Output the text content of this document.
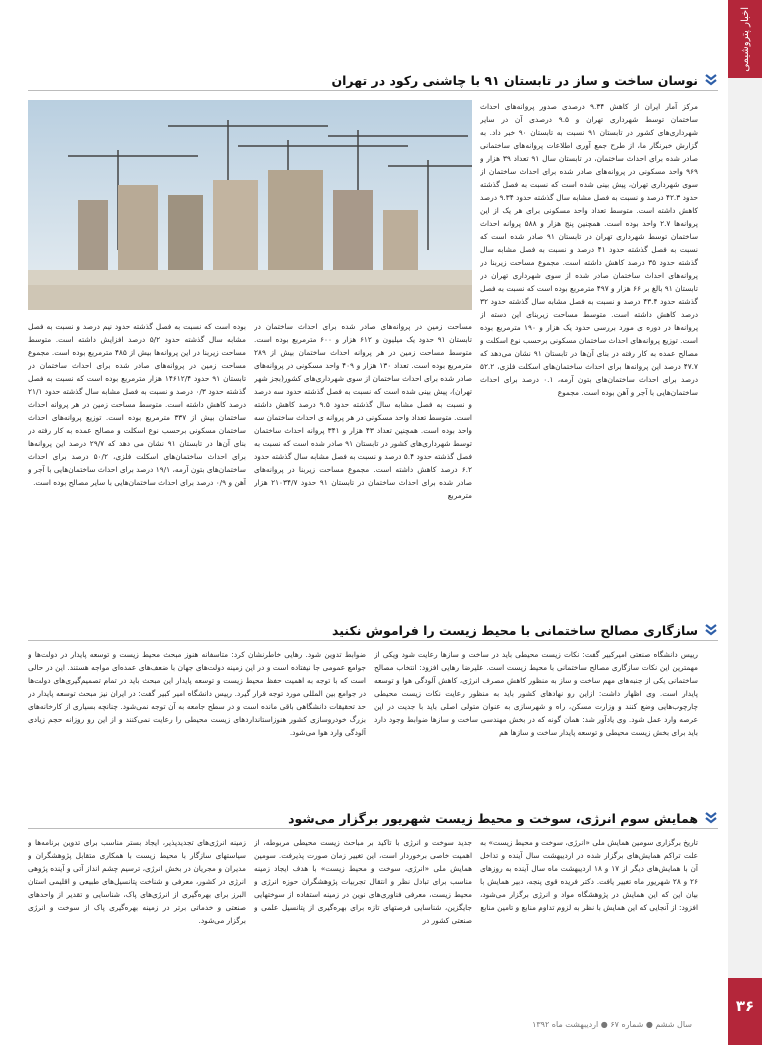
اخبار پتروشیمی
۳۶
سال ششم ● شماره ۶۷ ● اردیبهشت ماه ۱۳۹۲
نوسان ساخت و ساز در تابستان ۹۱ با چاشنی رکود در تهران
مرکز آمار ایران از کاهش ۹.۳۴ درصدی صدور پروانه‌های احداث ساختمان توسط شهرداری تهران و ۹.۵ درصدی آن در سایر شهرداری‌های کشور در تابستان ۹۱ نسبت به تابستان ۹۰ خبر داد. به گزارش خبرنگار ما، از طرح جمع آوری اطلاعات پروانه‌های ساختمانی صادر شده برای احداث ساختمان، در تابستان سال ۹۱ تعداد ۳۹ هزار و ۹۶۹ واحد مسکونی در پروانه‌های صادر شده برای احداث ساختمان از سوی شهرداری تهران، پیش بینی شده است که نسبت به فصل گذشته حدود ۴۲.۳ درصد و نسبت به فصل مشابه سال گذشته حدود ۹.۳۴ درصد کاهش داشته است. متوسط تعداد واحد مسکونی برای هر یک از این پروانه‌ها ۲.۷ واحد بوده است. همچنین پنج هزار و ۵۸۸ پروانه احداث ساختمان توسط شهرداری تهران در تابستان ۹۱ صادر شده است که نسبت به فصل گذشته حدود ۴۱ درصد و نسبت به فصل مشابه سال گذشته حدود ۳۵ درصد کاهش داشته است. مجموع مساحت زیربنا در پروانه‌های احداث ساختمان صادر شده از سوی شهرداری تهران در تابستان ۹۱ بالغ بر ۶۶ هزار و ۴۹۷ مترمربع بوده است که نسبت به فصل گذشته حدود ۴۳.۴ درصد و نسبت به فصل مشابه سال گذشته حدود ۳۲ درصد کاهش داشته است. متوسط مساحت زیربنای این دسته از پروانه‌ها در دوره ی مورد بررسی حدود یک هزار و ۱۹۰ مترمربع بوده است. توزیع پروانه‌های احداث ساختمان مسکونی برحسب نوع اسکلت و مصالح عمده به کار رفته در بنای آن‌ها در تابستان ۹۱ نشان می‌دهد که ۴۷.۷ درصد این پروانه‌ها برای احداث ساختمان‌های اسکلت فلزی، ۵۲.۲ درصد برای احداث ساختمان‌های بتون آرمه، ۰.۱ درصد برای احداث ساختمان‌هایی با آجر و آهن بوده است. مجموع
مساحت زمین در پروانه‌های صادر شده برای احداث ساختمان در تابستان ۹۱ حدود یک میلیون و ۶۱۲ هزار و ۶۰۰ مترمربع بوده است. متوسط مساحت زمین در هر پروانه احداث ساختمان بیش از ۲۸۹ مترمربع بوده است. تعداد ۱۳۰ هزار و ۴۰۹ واحد مسکونی در پروانه‌های صادر شده برای احداث ساختمان از سوی شهرداری‌های کشور(بجز شهر تهران)، پیش بینی شده است که نسبت به فصل گذشته حدود سه درصد و نسبت به فصل مشابه سال گذشته حدود ۹.۵ درصد کاهش داشته است. متوسط تعداد واحد مسکونی در هر پروانه ی احداث ساختمان سه واحد بوده است. همچنین تعداد ۴۳ هزار و ۳۴۱ پروانه احداث ساختمان توسط شهرداری‌های کشور در تابستان ۹۱ صادر شده است که نسبت به فصل گذشته حدود ۵.۴ درصد و نسبت به فصل مشابه سال گذشته حدود ۶.۲ درصد کاهش داشته است. مجموع مساحت زیربنا در پروانه‌های صادر شده برای احداث ساختمان در تابستان ۹۱ حدود ۲۱۰۳۴/۷ هزار مترمربع
بوده است که نسبت به فصل گذشته حدود نیم درصد و نسبت به فصل مشابه سال گذشته حدود ۵/۲ درصد افزایش داشته است. متوسط مساحت زیربنا در این پروانه‌ها بیش از ۴۸۵ مترمربع بوده است. مجموع مساحت زمین در پروانه‌های صادر شده برای احداث ساختمان در تابستان ۹۱ حدود ۱۴۶۱۲/۴ هزار مترمربع بوده است که نسبت به فصل گذشته حدود ۰/۳ درصد و نسبت به فصل مشابه سال گذشته حدود ۲۱/۱ درصد کاهش داشته است. متوسط مساحت زمین در هر پروانه احداث ساختمان بیش از ۳۳۷ مترمربع بوده است. توزیع پروانه‌های احداث ساختمان مسکونی برحسب نوع اسکلت و مصالح عمده به کار رفته در بنای آن‌ها در تابستان ۹۱ نشان می دهد که ۲۹/۷ درصد این پروانه‌ها برای احداث ساختمان‌های اسکلت فلزی، ۵۰/۲ درصد برای احداث ساختمان‌های بتون آرمه، ۱۹/۱ درصد برای احداث ساختمان‌هایی با آجر و آهن و ۰/۹ درصد برای احداث ساختمان‌هایی با سایر مصالح بوده است.
سازگاری مصالح ساختمانی با محیط زیست را فراموش نکنید
رییس دانشگاه صنعتی امیرکبیر گفت: نکات زیست محیطی باید در ساخت و سازها رعایت شود ویکی از مهمترین این نکات سازگاری مصالح ساختمانی با محیط زیست است. علیرضا رهایی افزود: انتخاب مصالح ساختمانی یکی از جنبه‌های مهم ساخت و ساز به منظور کاهش مصرف انرژی، کاهش آلودگی هوا و توسعه پایدار است. وی اظهار داشت: ازاین رو نهادهای کشور باید به منظور رعایت نکات زیست محیطی چارچوب‌هایی وضع کنند و وزارت مسکن، راه و شهرسازی به عنوان متولی اصلی باید با جدیت در این عرصه وارد عمل شود. وی یادآور شد: همان گونه که در بخش مهندسی ساخت و سازها ضوابط وجود دارد باید برای بخش زیست محیطی و توسعه پایدار ساخت و سازها هم
ضوابط تدوین شود. رهایی خاطرنشان کرد: متاسفانه هنوز مبحث محیط زیست و توسعه پایدار در دولت‌ها و جوامع عمومی جا نیفتاده است و در این زمینه دولت‌های جهان با ضعف‌های عمده‌ای مواجه هستند. این در حالی است که با توجه به اهمیت حفظ محیط زیست و توسعه پایدار این مبحث باید در تمام تصمیم‌گیری‌های دولت‌ها در جوامع بین المللی مورد توجه قرار گیرد. رییس دانشگاه امیر کبیر گفت: در ایران نیز مبحث توسعه پایدار در حد تحقیقات دانشگاهی باقی مانده است و در سطح جامعه به آن توجه نمی‌شود. چنانچه بسیاری از کارخانه‌های بزرگ خودروسازی کشور هنوزاستانداردهای زیست محیطی را رعایت نمی‌کنند و از این رو روزانه حجم زیادی آلودگی وارد هوا می‌شود.
همایش سوم انرژی، سوخت و محیط زیست شهریور برگزار می‌شود
تاریخ برگزاری سومین همایش ملی «انرژی، سوخت و محیط زیست» به علت تراکم همایش‌های برگزار شده در اردیبهشت سال آینده و تداخل آن با همایش‌های دیگر از ۱۷ و ۱۸ اردیبهشت ماه سال آینده به روزهای ۲۶ و ۲۸ شهریور ماه تغییر یافت. دکتر فریده قوی پنجه، دبیر همایش با بیان این که این همایش در پژوهشگاه مواد و انرژی برگزار می‌شود، افزود: از آنجایی که این همایش با نظر به لزوم تداوم منابع و تامین منابع
جدید سوخت و انرژی با تاکید بر مباحث زیست محیطی مربوطه، از اهمیت خاصی برخوردار است، این تغییر زمان صورت پذیرفت. سومین همایش ملی «انرژی، سوخت و محیط زیست» با هدف ایجاد زمینه مناسب برای تبادل نظر و انتقال تجربیات پژوهشگران حوزه انرژی و محیط زیست، معرفی فناوری‌های نوین در زمینه استفاده از سوختهایی جایگزین، شناسایی فرصتهای تازه برای بهره‌گیری از پتانسیل علمی و صنعتی کشور در
زمینه انرژی‌های تجدیدپذیر، ایجاد بستر مناسب برای تدوین برنامه‌ها و سیاستهای سازگار با محیط زیست با همکاری متقابل پژوهشگران و مدیران و مجریان در بخش انرژی، ترسیم چشم انداز آتی و آینده پژوهی انرژی در کشور، معرفی و شناخت پتانسیل‌های طبیعی و اقلیمی استان البرز برای بهره‌گیری از انرژی‌های پاک، شناسایی و تقدیر از واحدهای صنعتی و خدماتی برتر در زمینه بهره‌گیری پاک از سوخت و انرژی برگزار می‌شود.
